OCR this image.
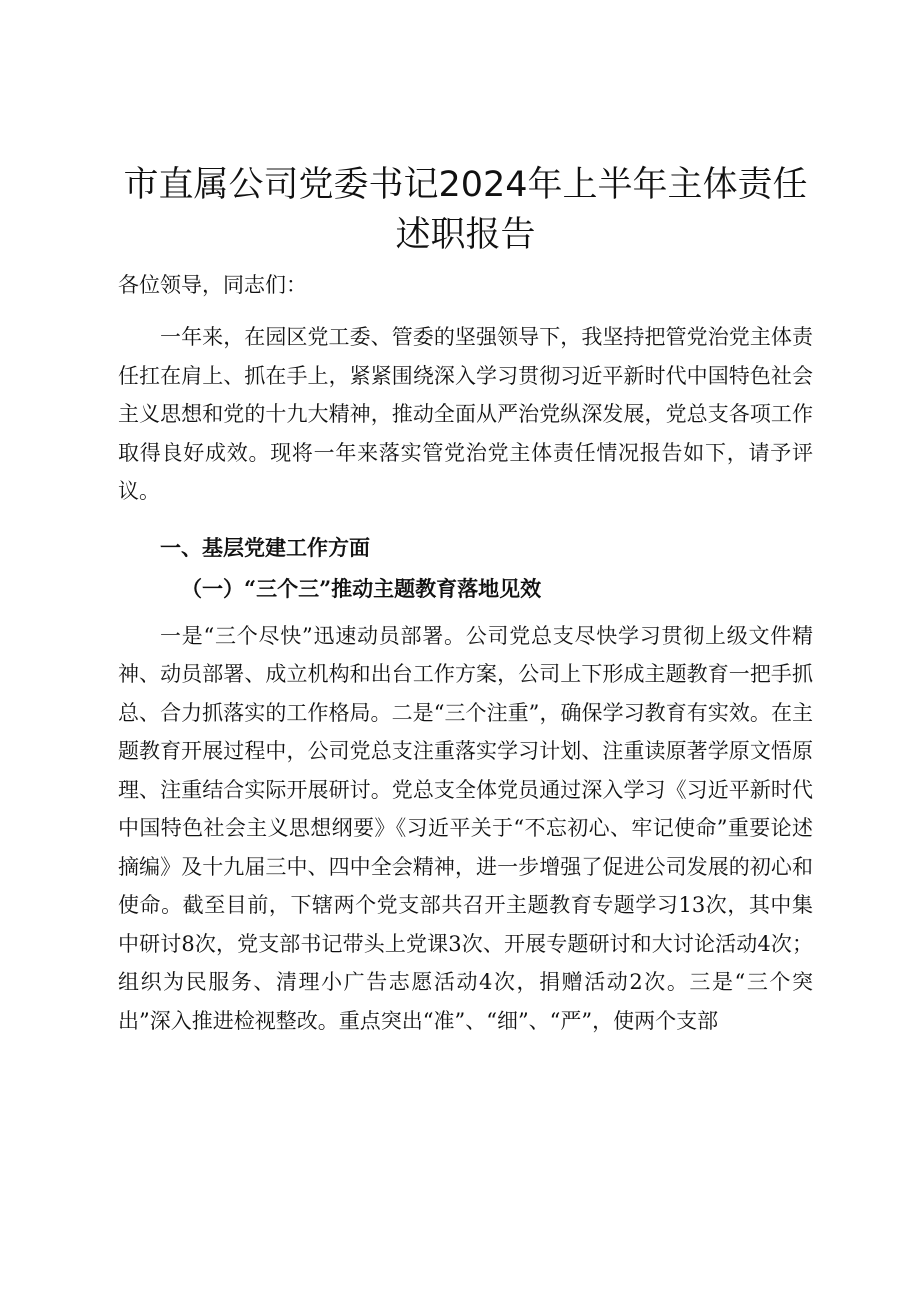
市直属公司党委书记2024年上半年主体责任
述职报告

各位领导，同志们：

一年来，在园区党工委、管委的坚强领导下，我坚持把管党治党主体责任扛在肩上、抓在手上，紧紧围绕深入学习贯彻习近平新时代中国特色社会主义思想和党的十九大精神，推动全面从严治党纵深发展，党总支各项工作取得良好成效。现将一年来落实管党治党主体责任情况报告如下，请予评议。

一、基层党建工作方面

（一）“三个三”推动主题教育落地见效

一是“三个尽快”迅速动员部署。公司党总支尽快学习贯彻上级文件精神、动员部署、成立机构和出台工作方案，公司上下形成主题教育一把手抓总、合力抓落实的工作格局。二是“三个注重”，确保学习教育有实效。在主题教育开展过程中，公司党总支注重落实学习计划、注重读原著学原文悟原理、注重结合实际开展研讨。党总支全体党员通过深入学习《习近平新时代中国特色社会主义思想纲要》《习近平关于“不忘初心、牢记使命”重要论述摘编》及十九届三中、四中全会精神，进一步增强了促进公司发展的初心和使命。截至目前，下辖两个党支部共召开主题教育专题学习13次，其中集中研讨8次，党支部书记带头上党课3次、开展专题研讨和大讨论活动4次；组织为民服务、清理小广告志愿活动4次，捐赠活动2次。三是“三个突出”深入推进检视整改。重点突出“准”、“细”、“严”，使两个支部
